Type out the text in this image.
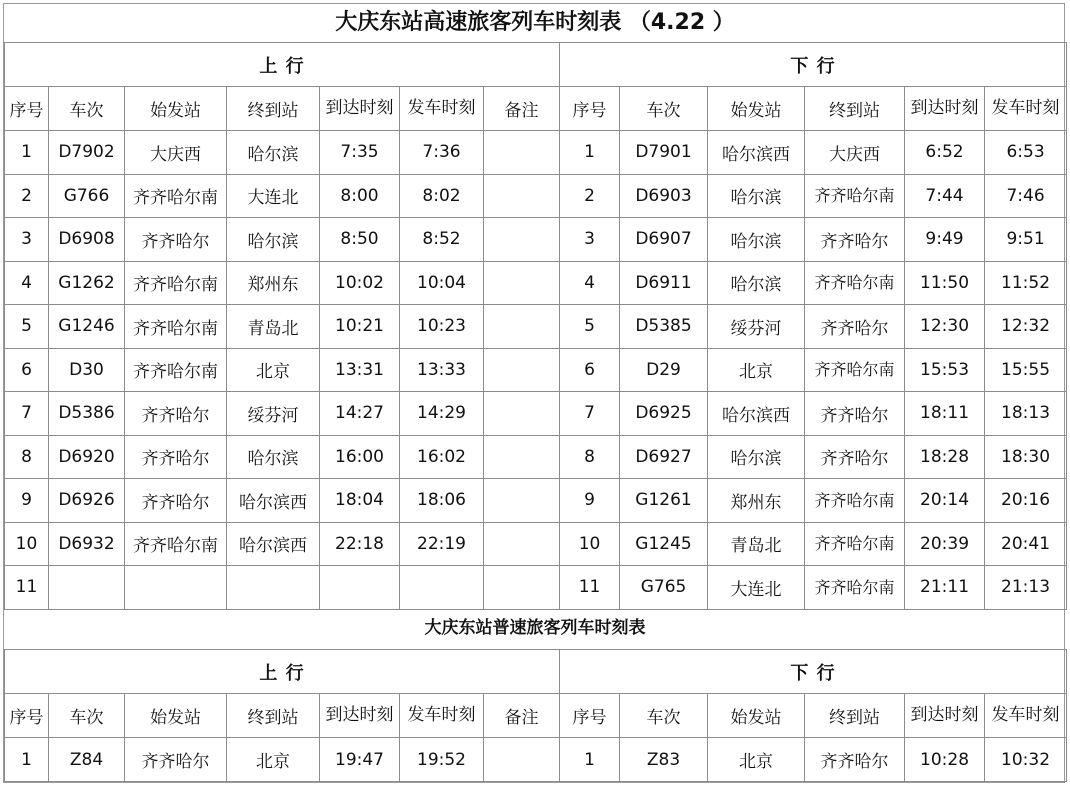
大庆东站高速旅客列车时刻表 （4.22 ）
上 行							下 行					
序号	车次	始发站	终到站	到达时刻	发车时刻	备注	序号	车次	始发站	终到站	到达时刻	发车时刻
1	D7902	大庆西	哈尔滨	7:35	7:36		1	D7901	哈尔滨西	大庆西	6:52	6:53
2	G766	齐齐哈尔南	大连北	8:00	8:02		2	D6903	哈尔滨	齐齐哈尔南	7:44	7:46
3	D6908	齐齐哈尔	哈尔滨	8:50	8:52		3	D6907	哈尔滨	齐齐哈尔	9:49	9:51
4	G1262	齐齐哈尔南	郑州东	10:02	10:04		4	D6911	哈尔滨	齐齐哈尔南	11:50	11:52
5	G1246	齐齐哈尔南	青岛北	10:21	10:23		5	D5385	绥芬河	齐齐哈尔	12:30	12:32
6	D30	齐齐哈尔南	北京	13:31	13:33		6	D29	北京	齐齐哈尔南	15:53	15:55
7	D5386	齐齐哈尔	绥芬河	14:27	14:29		7	D6925	哈尔滨西	齐齐哈尔	18:11	18:13
8	D6920	齐齐哈尔	哈尔滨	16:00	16:02		8	D6927	哈尔滨	齐齐哈尔	18:28	18:30
9	D6926	齐齐哈尔	哈尔滨西	18:04	18:06		9	G1261	郑州东	齐齐哈尔南	20:14	20:16
10	D6932	齐齐哈尔南	哈尔滨西	22:18	22:19		10	G1245	青岛北	齐齐哈尔南	20:39	20:41
11							11	G765	大连北	齐齐哈尔南	21:11	21:13
大庆东站普速旅客列车时刻表
上 行							下 行					
序号	车次	始发站	终到站	到达时刻	发车时刻	备注	序号	车次	始发站	终到站	到达时刻	发车时刻
1	Z84	齐齐哈尔	北京	19:47	19:52		1	Z83	北京	齐齐哈尔	10:28	10:32
